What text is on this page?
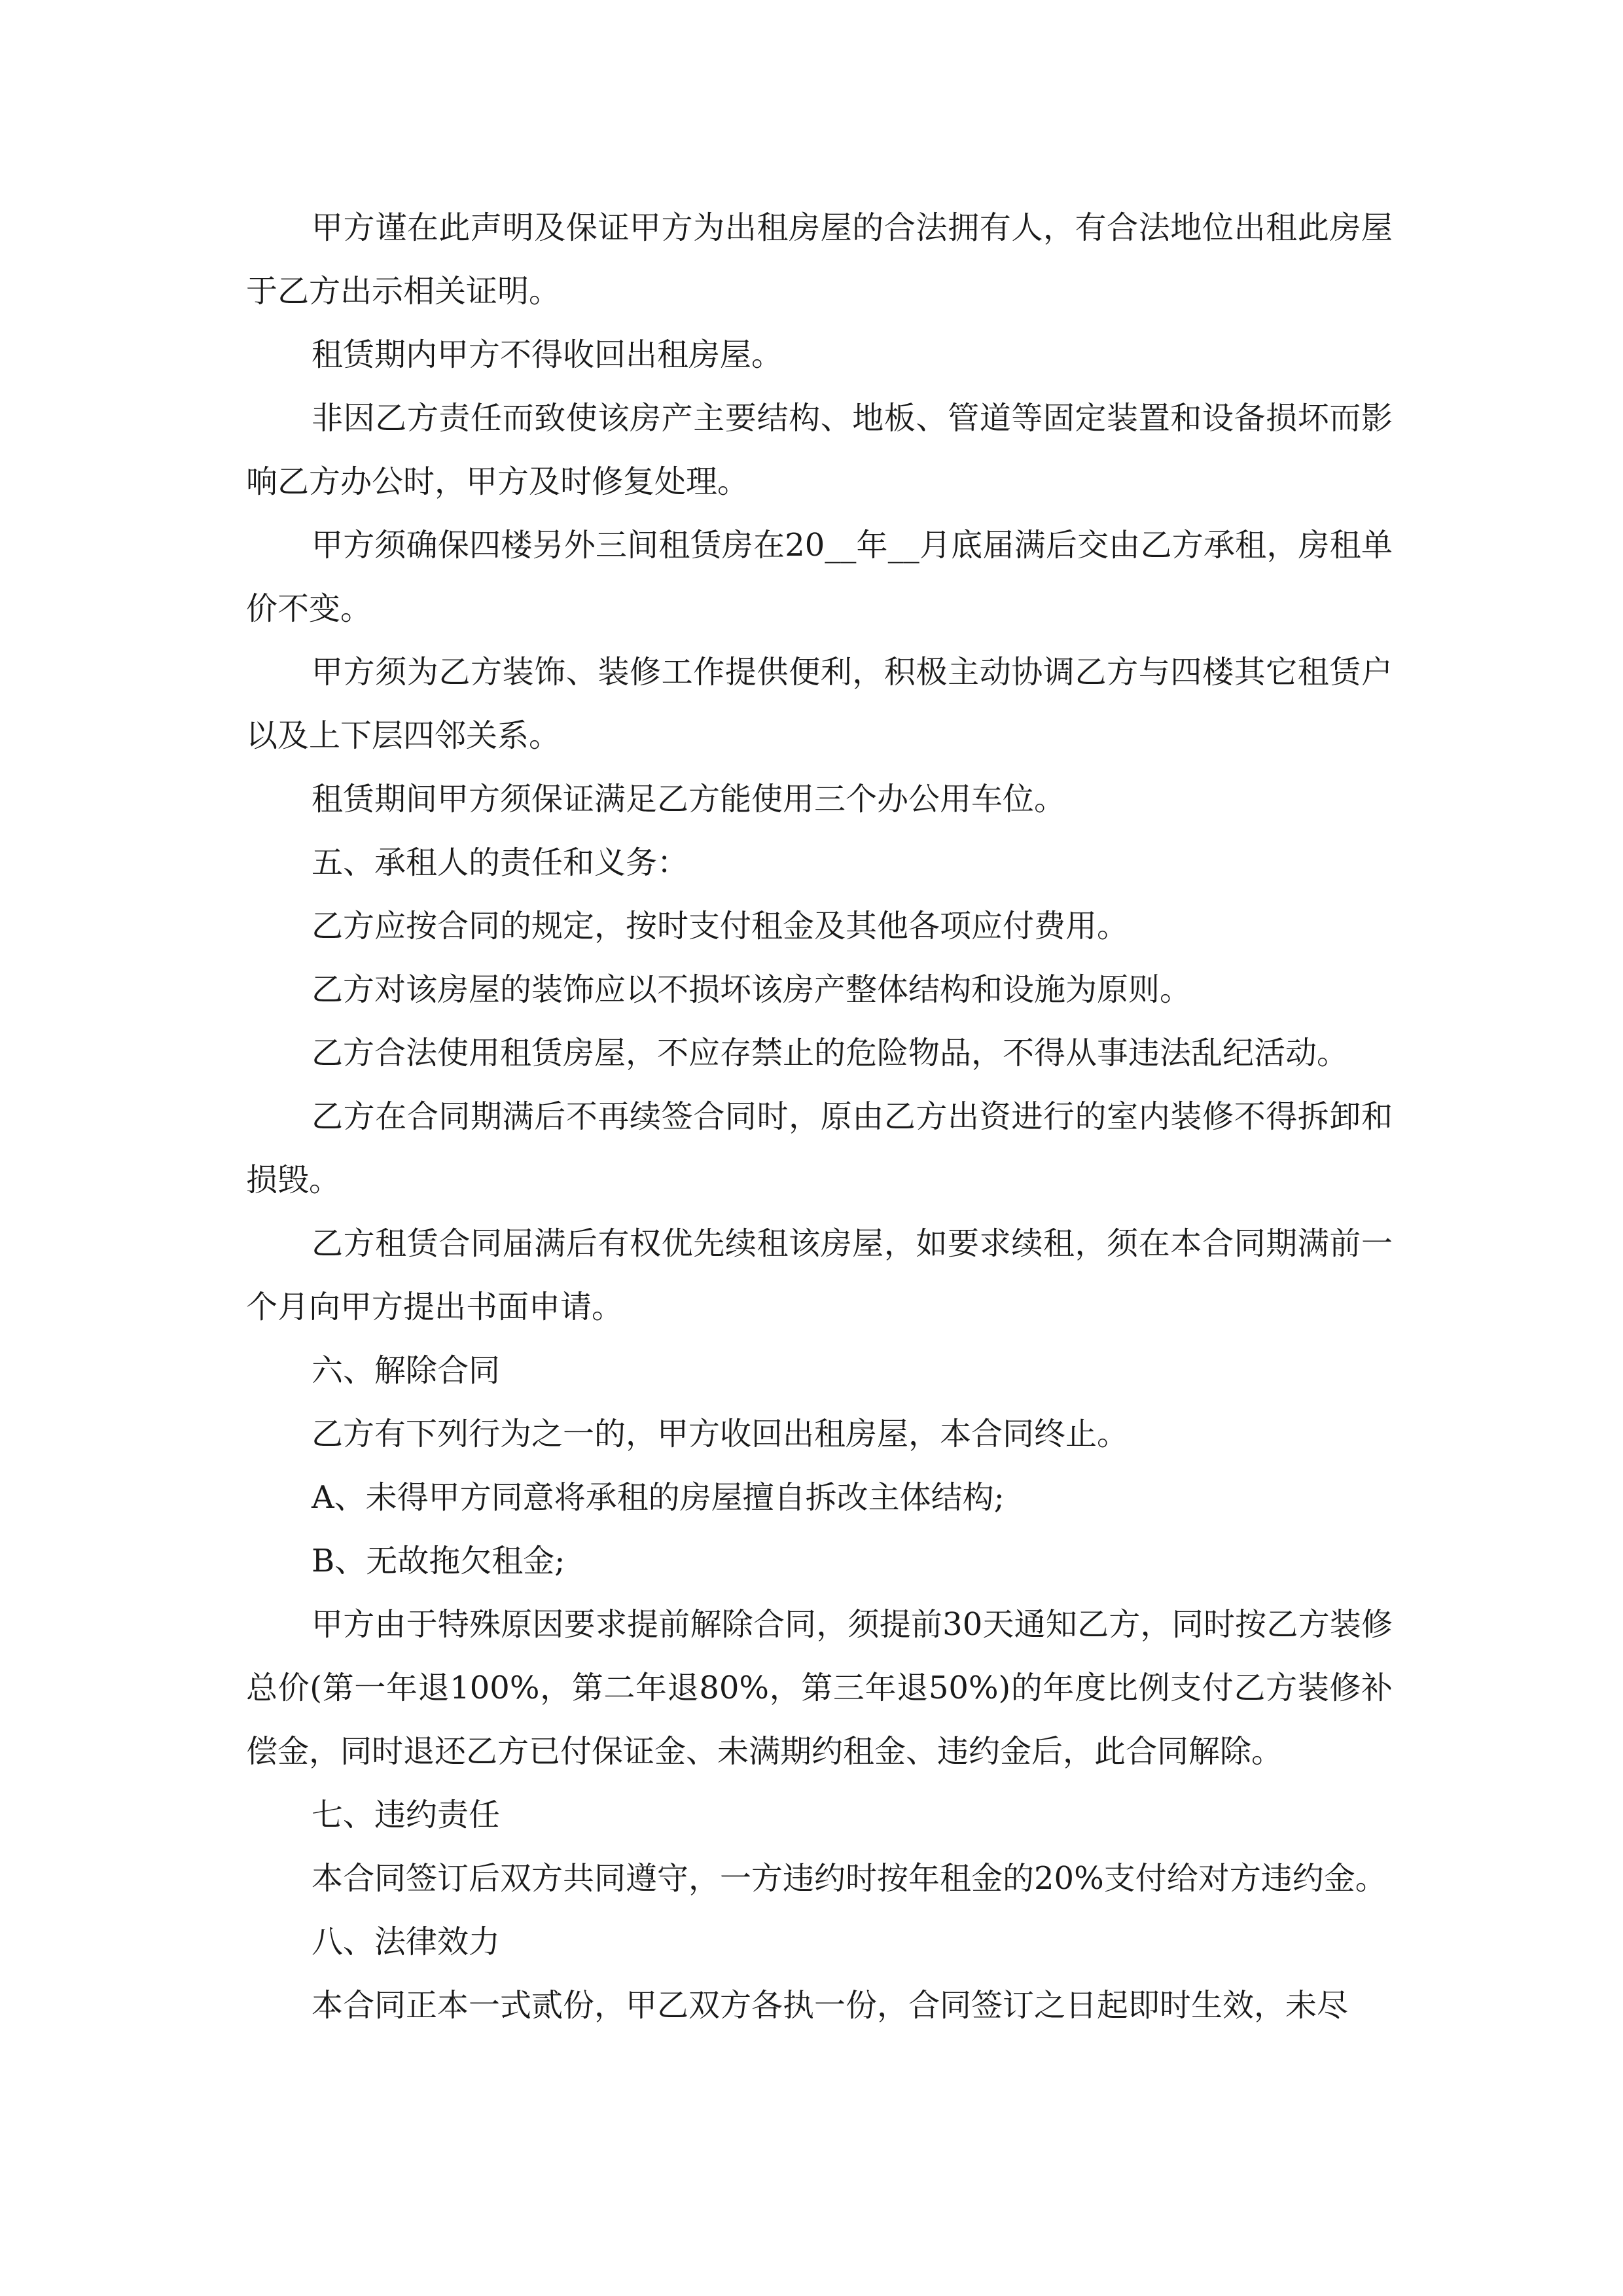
甲方谨在此声明及保证甲方为出租房屋的合法拥有人，有合法地位出租此房屋于乙方出示相关证明。

租赁期内甲方不得收回出租房屋。

非因乙方责任而致使该房产主要结构、地板、管道等固定装置和设备损坏而影响乙方办公时，甲方及时修复处理。

甲方须确保四楼另外三间租赁房在20__年__月底届满后交由乙方承租，房租单价不变。

甲方须为乙方装饰、装修工作提供便利，积极主动协调乙方与四楼其它租赁户以及上下层四邻关系。

租赁期间甲方须保证满足乙方能使用三个办公用车位。

五、承租人的责任和义务：

乙方应按合同的规定，按时支付租金及其他各项应付费用。

乙方对该房屋的装饰应以不损坏该房产整体结构和设施为原则。

乙方合法使用租赁房屋，不应存禁止的危险物品，不得从事违法乱纪活动。

乙方在合同期满后不再续签合同时，原由乙方出资进行的室内装修不得拆卸和损毁。

乙方租赁合同届满后有权优先续租该房屋，如要求续租，须在本合同期满前一个月向甲方提出书面申请。

六、解除合同

乙方有下列行为之一的，甲方收回出租房屋，本合同终止。

A、未得甲方同意将承租的房屋擅自拆改主体结构;

B、无故拖欠租金;

甲方由于特殊原因要求提前解除合同，须提前30天通知乙方，同时按乙方装修总价(第一年退100%，第二年退80%，第三年退50%)的年度比例支付乙方装修补偿金，同时退还乙方已付保证金、未满期约租金、违约金后，此合同解除。

七、违约责任

本合同签订后双方共同遵守，一方违约时按年租金的20%支付给对方违约金。

八、法律效力

本合同正本一式贰份，甲乙双方各执一份，合同签订之日起即时生效，未尽
